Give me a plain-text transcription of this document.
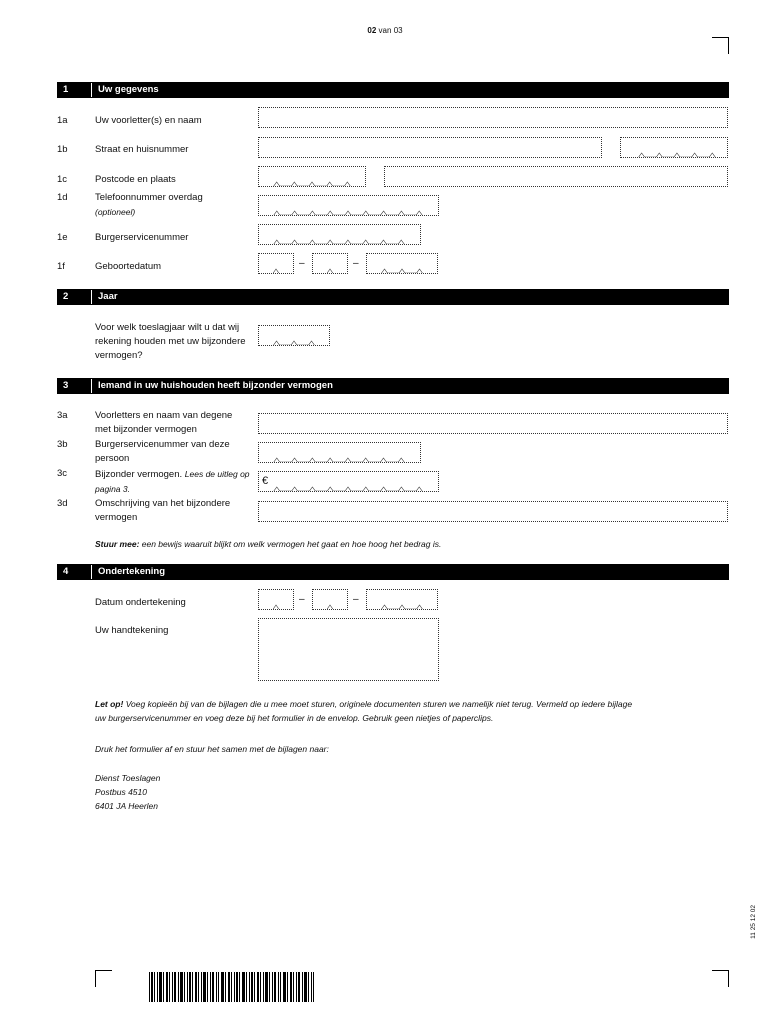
02 van 03
1	Uw gegevens
1a	Uw voorletter(s) en naam
1b	Straat en huisnummer
1c	Postcode en plaats
1d	Telefoonnummer overdag
(optioneel)
1e	Burgerservicenummer
1f	Geboortedatum	–	–
2	Jaar
Voor welk toeslagjaar wilt u dat wij rekening houden met uw bijzondere vermogen?
3	Iemand in uw huishouden heeft bijzonder vermogen
3a	Voorletters en naam van degene met bijzonder vermogen
3b	Burgerservicenummer van deze persoon
3c	Bijzonder vermogen. Lees de uitleg op pagina 3.
€
3d	Omschrijving van het bijzondere vermogen
Stuur mee: een bewijs waaruit blijkt om welk vermogen het gaat en hoe hoog het bedrag is.
4	Ondertekening
Datum ondertekening	–	–
Uw handtekening
Let op! Voeg kopieën bij van de bijlagen die u mee moet sturen, originele documenten sturen we namelijk niet terug. Vermeld op iedere bijlage
uw burgerservicenummer en voeg deze bij het formulier in de envelop. Gebruik geen nietjes of paperclips.
Druk het formulier af en stuur het samen met de bijlagen naar:
Dienst Toeslagen
Postbus 4510
6401 JA Heerlen
11 25 12 02
